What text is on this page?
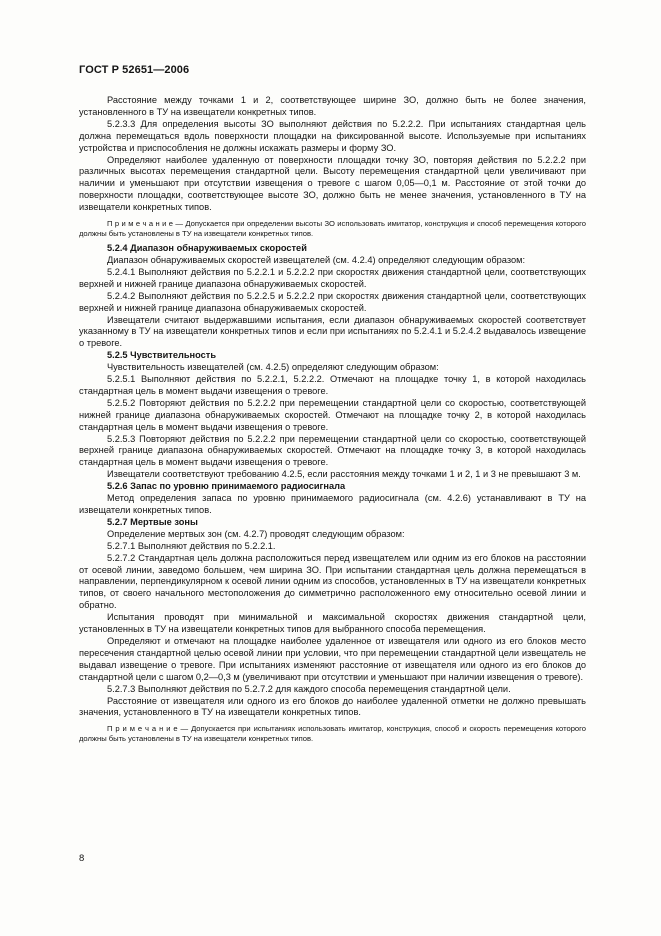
ГОСТ Р 52651—2006

Расстояние между точками 1 и 2, соответствующее ширине ЗО, должно быть не более значения, установленного в ТУ на извещатели конкретных типов.

5.2.3.3 Для определения высоты ЗО выполняют действия по 5.2.2.2. При испытаниях стандартная цель должна перемещаться вдоль поверхности площадки на фиксированной высоте. Используемые при испытаниях устройства и приспособления не должны искажать размеры и форму ЗО.

Определяют наиболее удаленную от поверхности площадки точку ЗО, повторяя действия по 5.2.2.2 при различных высотах перемещения стандартной цели. Высоту перемещения стандартной цели увеличивают при наличии и уменьшают при отсутствии извещения о тревоге с шагом 0,05—0,1 м. Расстояние от этой точки до поверхности площадки, соответствующее высоте ЗО, должно быть не менее значения, установленного в ТУ на извещатели конкретных типов.

П р и м е ч а н и е — Допускается при определении высоты ЗО использовать имитатор, конструкция и способ перемещения которого должны быть установлены в ТУ на извещатели конкретных типов.

5.2.4 Диапазон обнаруживаемых скоростей

Диапазон обнаруживаемых скоростей извещателей (см. 4.2.4) определяют следующим образом:

5.2.4.1 Выполняют действия по 5.2.2.1 и 5.2.2.2 при скоростях движения стандартной цели, соответствующих верхней и нижней границе диапазона обнаруживаемых скоростей.

5.2.4.2 Выполняют действия по 5.2.2.5 и 5.2.2.2 при скоростях движения стандартной цели, соответствующих верхней и нижней границе диапазона обнаруживаемых скоростей.

Извещатели считают выдержавшими испытания, если диапазон обнаруживаемых скоростей соответствует указанному в ТУ на извещатели конкретных типов и если при испытаниях по 5.2.4.1 и 5.2.4.2 выдавалось извещение о тревоге.

5.2.5 Чувствительность

Чувствительность извещателей (см. 4.2.5) определяют следующим образом:

5.2.5.1 Выполняют действия по 5.2.2.1, 5.2.2.2. Отмечают на площадке точку 1, в которой находилась стандартная цель в момент выдачи извещения о тревоге.

5.2.5.2 Повторяют действия по 5.2.2.2 при перемещении стандартной цели со скоростью, соответствующей нижней границе диапазона обнаруживаемых скоростей. Отмечают на площадке точку 2, в которой находилась стандартная цель в момент выдачи извещения о тревоге.

5.2.5.3 Повторяют действия по 5.2.2.2 при перемещении стандартной цели со скоростью, соответствующей верхней границе диапазона обнаруживаемых скоростей. Отмечают на площадке точку 3, в которой находилась стандартная цель в момент выдачи извещения о тревоге.

Извещатели соответствуют требованию 4.2.5, если расстояния между точками 1 и 2, 1 и 3 не превышают 3 м.

5.2.6 Запас по уровню принимаемого радиосигнала

Метод определения запаса по уровню принимаемого радиосигнала (см. 4.2.6) устанавливают в ТУ на извещатели конкретных типов.

5.2.7 Мертвые зоны

Определение мертвых зон (см. 4.2.7) проводят следующим образом:

5.2.7.1 Выполняют действия по 5.2.2.1.

5.2.7.2 Стандартная цель должна расположиться перед извещателем или одним из его блоков на расстоянии от осевой линии, заведомо большем, чем ширина ЗО. При испытании стандартная цель должна перемещаться в направлении, перпендикулярном к осевой линии одним из способов, установленных в ТУ на извещатели конкретных типов, от своего начального местоположения до симметрично расположенного ему относительно осевой линии и обратно.

Испытания проводят при минимальной и максимальной скоростях движения стандартной цели, установленных в ТУ на извещатели конкретных типов для выбранного способа перемещения.

Определяют и отмечают на площадке наиболее удаленное от извещателя или одного из его блоков место пересечения стандартной целью осевой линии при условии, что при перемещении стандартной цели извещатель не выдавал извещение о тревоге. При испытаниях изменяют расстояние от извещателя или одного из его блоков до стандартной цели с шагом 0,2—0,3 м (увеличивают при отсутствии и уменьшают при наличии извещения о тревоге).

5.2.7.3 Выполняют действия по 5.2.7.2 для каждого способа перемещения стандартной цели.

Расстояние от извещателя или одного из его блоков до наиболее удаленной отметки не должно превышать значения, установленного в ТУ на извещатели конкретных типов.

П р и м е ч а н и е — Допускается при испытаниях использовать имитатор, конструкция, способ и скорость перемещения которого должны быть установлены в ТУ на извещатели конкретных типов.

8
